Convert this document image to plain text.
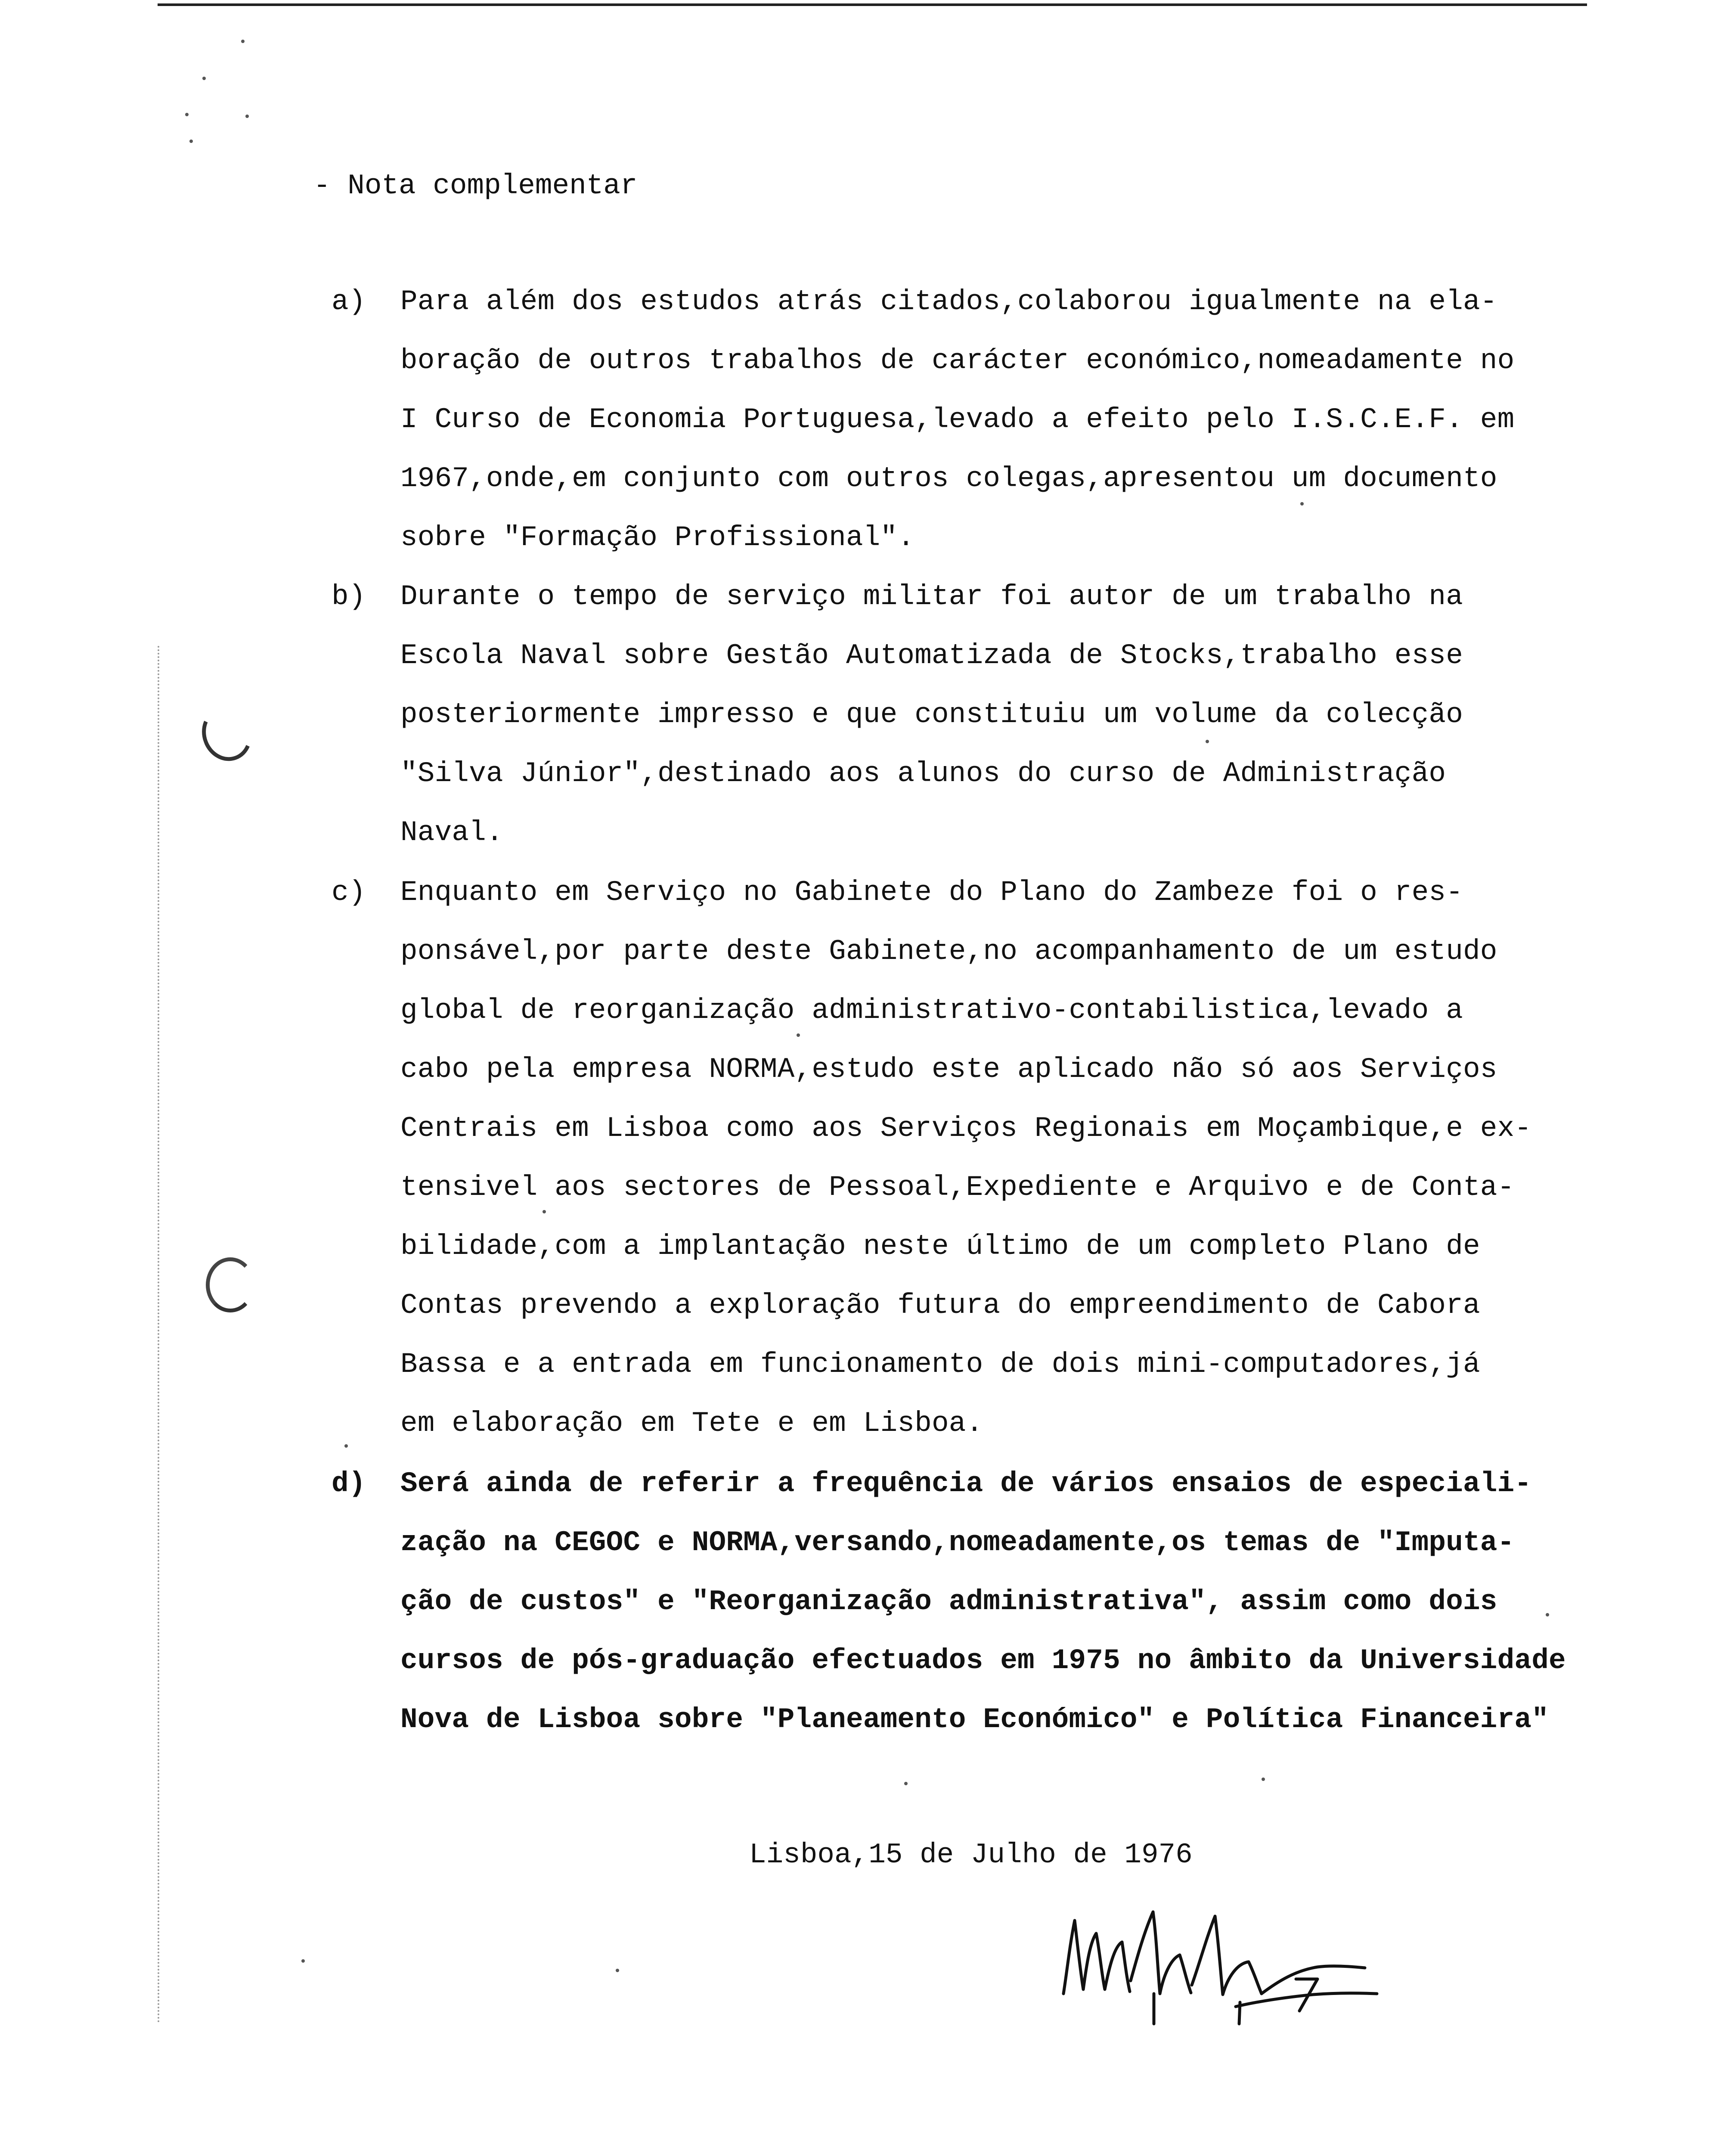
- Nota complementar
a)	Para além dos estudos atrás citados,colaborou igualmente na ela-
boração de outros trabalhos de carácter económico,nomeadamente no
I Curso de Economia Portuguesa,levado a efeito pelo I.S.C.E.F. em
1967,onde,em conjunto com outros colegas,apresentou um documento
sobre "Formação Profissional".
b)	Durante o tempo de serviço militar foi autor de um trabalho na
Escola Naval sobre Gestão Automatizada de Stocks,trabalho esse
posteriormente impresso e que constituiu um volume da colecção
"Silva Júnior",destinado aos alunos do curso de Administração
Naval.
c)	Enquanto em Serviço no Gabinete do Plano do Zambeze foi o res-
ponsável,por parte deste Gabinete,no acompanhamento de um estudo
global de reorganização administrativo-contabilistica,levado a
cabo pela empresa NORMA,estudo este aplicado não só aos Serviços
Centrais em Lisboa como aos Serviços Regionais em Moçambique,e ex-
tensivel aos sectores de Pessoal,Expediente e Arquivo e de Conta-
bilidade,com a implantação neste último de um completo Plano de
Contas prevendo a exploração futura do empreendimento de Cabora
Bassa e a entrada em funcionamento de dois mini-computadores,já
em elaboração em Tete e em Lisboa.
d)	Será ainda de referir a frequência de vários ensaios de especiali-
zação na CEGOC e NORMA,versando,nomeadamente,os temas de "Imputa-
ção de custos" e "Reorganização administrativa", assim como dois
cursos de pós-graduação efectuados em 1975 no âmbito da Universidade
Nova de Lisboa sobre "Planeamento Económico" e Política Financeira"
Lisboa,15 de Julho de 1976
